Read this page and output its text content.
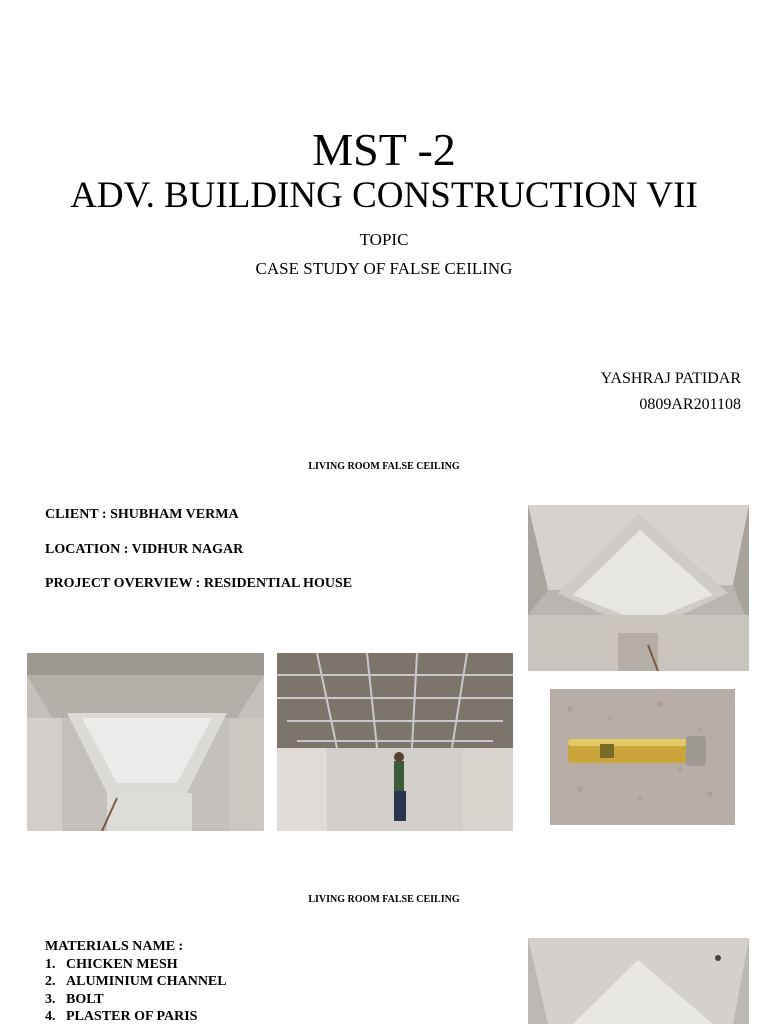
MST -2
ADV. BUILDING CONSTRUCTION VII
TOPIC
CASE STUDY OF FALSE CEILING
YASHRAJ PATIDAR
0809AR201108
LIVING ROOM FALSE CEILING
CLIENT : SHUBHAM VERMA
LOCATION : VIDHUR NAGAR
PROJECT OVERVIEW : RESIDENTIAL HOUSE
LIVING ROOM FALSE CEILING
MATERIALS NAME :
1. CHICKEN MESH
2. ALUMINIUM CHANNEL
3. BOLT
4. PLASTER OF PARIS
